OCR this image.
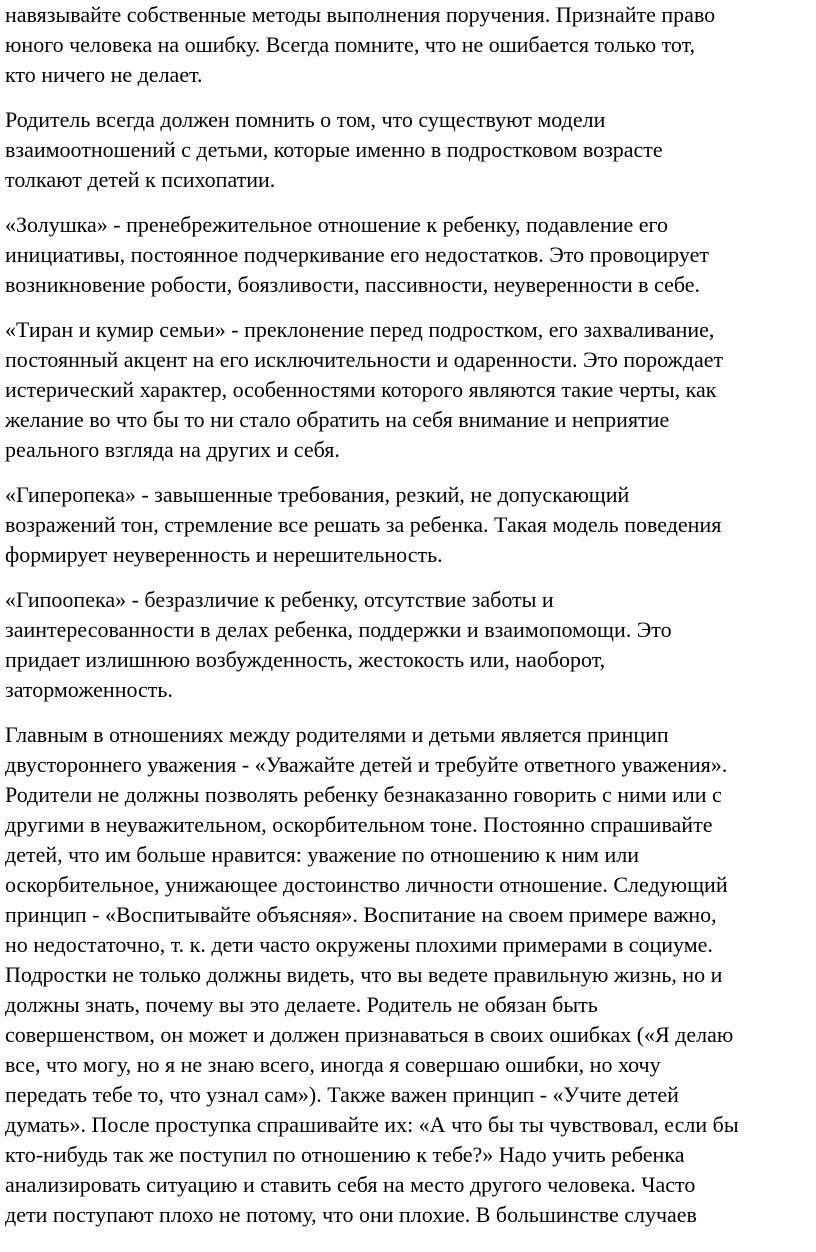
навязывайте собственные методы выполнения поручения. Признайте право
юного человека на ошибку. Всегда помните, что не ошибается только тот,
кто ничего не делает.

Родитель всегда должен помнить о том, что существуют модели
взаимоотношений с детьми, которые именно в подростковом возрасте
толкают детей к психопатии.

«Золушка» - пренебрежительное отношение к ребенку, подавление его
инициативы, постоянное подчеркивание его недостатков. Это провоцирует
возникновение робости, боязливости, пассивности, неуверенности в себе.

«Тиран и кумир семьи» - преклонение перед подростком, его захваливание,
постоянный акцент на его исключительности и одаренности. Это порождает
истерический характер, особенностями которого являются такие черты, как
желание во что бы то ни стало обратить на себя внимание и неприятие
реального взгляда на других и себя.

«Гиперопека» - завышенные требования, резкий, не допускающий
возражений тон, стремление все решать за ребенка. Такая модель поведения
формирует неуверенность и нерешительность.

«Гипоопека» - безразличие к ребенку, отсутствие заботы и
заинтересованности в делах ребенка, поддержки и взаимопомощи. Это
придает излишнюю возбужденность, жестокость или, наоборот,
заторможенность.

Главным в отношениях между родителями и детьми является принцип
двустороннего уважения - «Уважайте детей и требуйте ответного уважения».
Родители не должны позволять ребенку безнаказанно говорить с ними или с
другими в неуважительном, оскорбительном тоне. Постоянно спрашивайте
детей, что им больше нравится: уважение по отношению к ним или
оскорбительное, унижающее достоинство личности отношение. Следующий
принцип - «Воспитывайте объясняя». Воспитание на своем примере важно,
но недостаточно, т. к. дети часто окружены плохими примерами в социуме.
Подростки не только должны видеть, что вы ведете правильную жизнь, но и
должны знать, почему вы это делаете. Родитель не обязан быть
совершенством, он может и должен признаваться в своих ошибках («Я делаю
все, что могу, но я не знаю всего, иногда я совершаю ошибки, но хочу
передать тебе то, что узнал сам»). Также важен принцип - «Учите детей
думать». После проступка спрашивайте их: «А что бы ты чувствовал, если бы
кто-нибудь так же поступил по отношению к тебе?» Надо учить ребенка
анализировать ситуацию и ставить себя на место другого человека. Часто
дети поступают плохо не потому, что они плохие. В большинстве случаев
